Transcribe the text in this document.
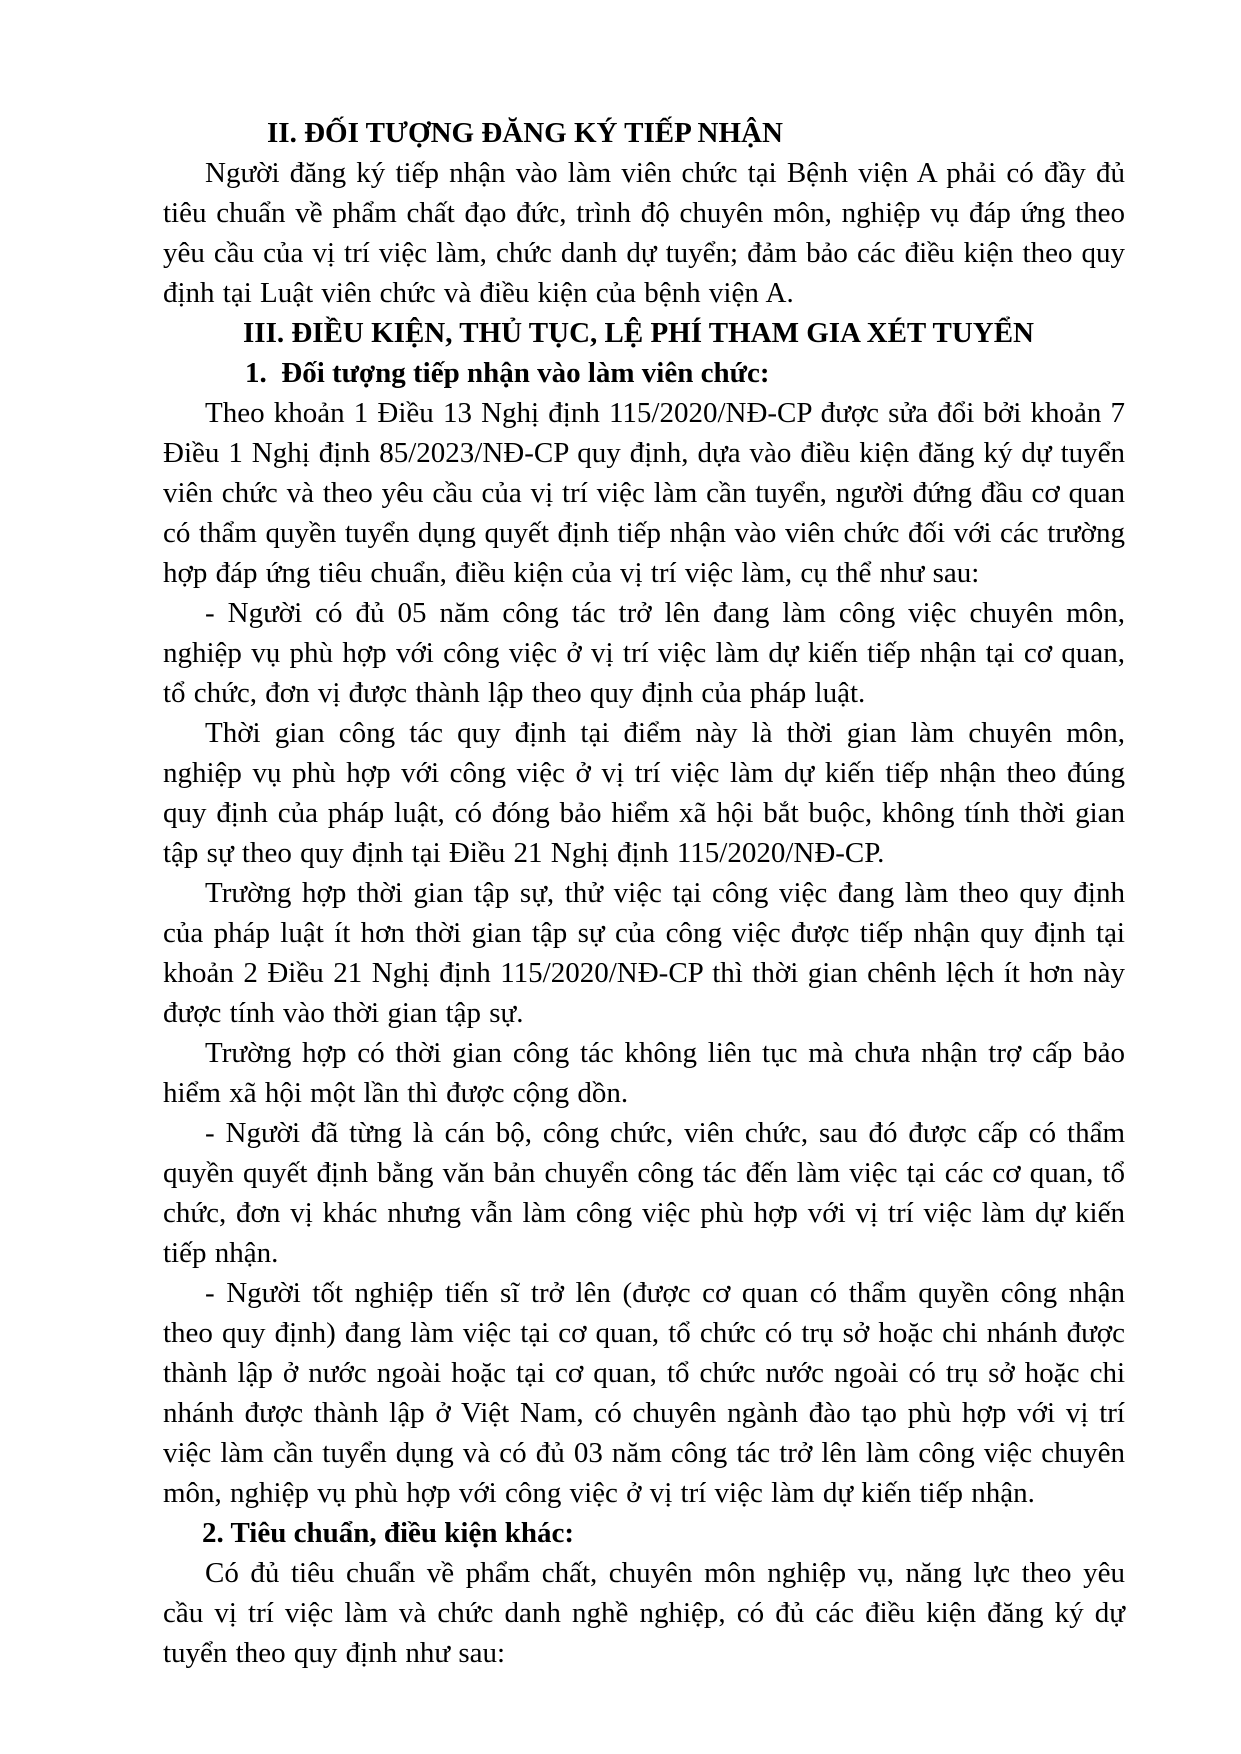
II. ĐỐI TƯỢNG ĐĂNG KÝ TIẾP NHẬN

Người đăng ký tiếp nhận vào làm viên chức tại Bệnh viện A phải có đầy đủ tiêu chuẩn về phẩm chất đạo đức, trình độ chuyên môn, nghiệp vụ đáp ứng theo yêu cầu của vị trí việc làm, chức danh dự tuyển; đảm bảo các điều kiện theo quy định tại Luật viên chức và điều kiện của bệnh viện A.

III. ĐIỀU KIỆN, THỦ TỤC, LỆ PHÍ THAM GIA XÉT TUYỂN
1.  Đối tượng tiếp nhận vào làm viên chức:

Theo khoản 1 Điều 13 Nghị định 115/2020/NĐ-CP được sửa đổi bởi khoản 7 Điều 1 Nghị định 85/2023/NĐ-CP quy định, dựa vào điều kiện đăng ký dự tuyển viên chức và theo yêu cầu của vị trí việc làm cần tuyển, người đứng đầu cơ quan có thẩm quyền tuyển dụng quyết định tiếp nhận vào viên chức đối với các trường hợp đáp ứng tiêu chuẩn, điều kiện của vị trí việc làm, cụ thể như sau:

- Người có đủ 05 năm công tác trở lên đang làm công việc chuyên môn, nghiệp vụ phù hợp với công việc ở vị trí việc làm dự kiến tiếp nhận tại cơ quan, tổ chức, đơn vị được thành lập theo quy định của pháp luật.

Thời gian công tác quy định tại điểm này là thời gian làm chuyên môn, nghiệp vụ phù hợp với công việc ở vị trí việc làm dự kiến tiếp nhận theo đúng quy định của pháp luật, có đóng bảo hiểm xã hội bắt buộc, không tính thời gian tập sự theo quy định tại Điều 21 Nghị định 115/2020/NĐ-CP.

Trường hợp thời gian tập sự, thử việc tại công việc đang làm theo quy định của pháp luật ít hơn thời gian tập sự của công việc được tiếp nhận quy định tại khoản 2 Điều 21 Nghị định 115/2020/NĐ-CP thì thời gian chênh lệch ít hơn này được tính vào thời gian tập sự.

Trường hợp có thời gian công tác không liên tục mà chưa nhận trợ cấp bảo hiểm xã hội một lần thì được cộng dồn.

- Người đã từng là cán bộ, công chức, viên chức, sau đó được cấp có thẩm quyền quyết định bằng văn bản chuyển công tác đến làm việc tại các cơ quan, tổ chức, đơn vị khác nhưng vẫn làm công việc phù hợp với vị trí việc làm dự kiến tiếp nhận.

- Người tốt nghiệp tiến sĩ trở lên (được cơ quan có thẩm quyền công nhận theo quy định) đang làm việc tại cơ quan, tổ chức có trụ sở hoặc chi nhánh được thành lập ở nước ngoài hoặc tại cơ quan, tổ chức nước ngoài có trụ sở hoặc chi nhánh được thành lập ở Việt Nam, có chuyên ngành đào tạo phù hợp với vị trí việc làm cần tuyển dụng và có đủ 03 năm công tác trở lên làm công việc chuyên môn, nghiệp vụ phù hợp với công việc ở vị trí việc làm dự kiến tiếp nhận.

2. Tiêu chuẩn, điều kiện khác:

Có đủ tiêu chuẩn về phẩm chất, chuyên môn nghiệp vụ, năng lực theo yêu cầu vị trí việc làm và chức danh nghề nghiệp, có đủ các điều kiện đăng ký dự tuyển theo quy định như sau:
